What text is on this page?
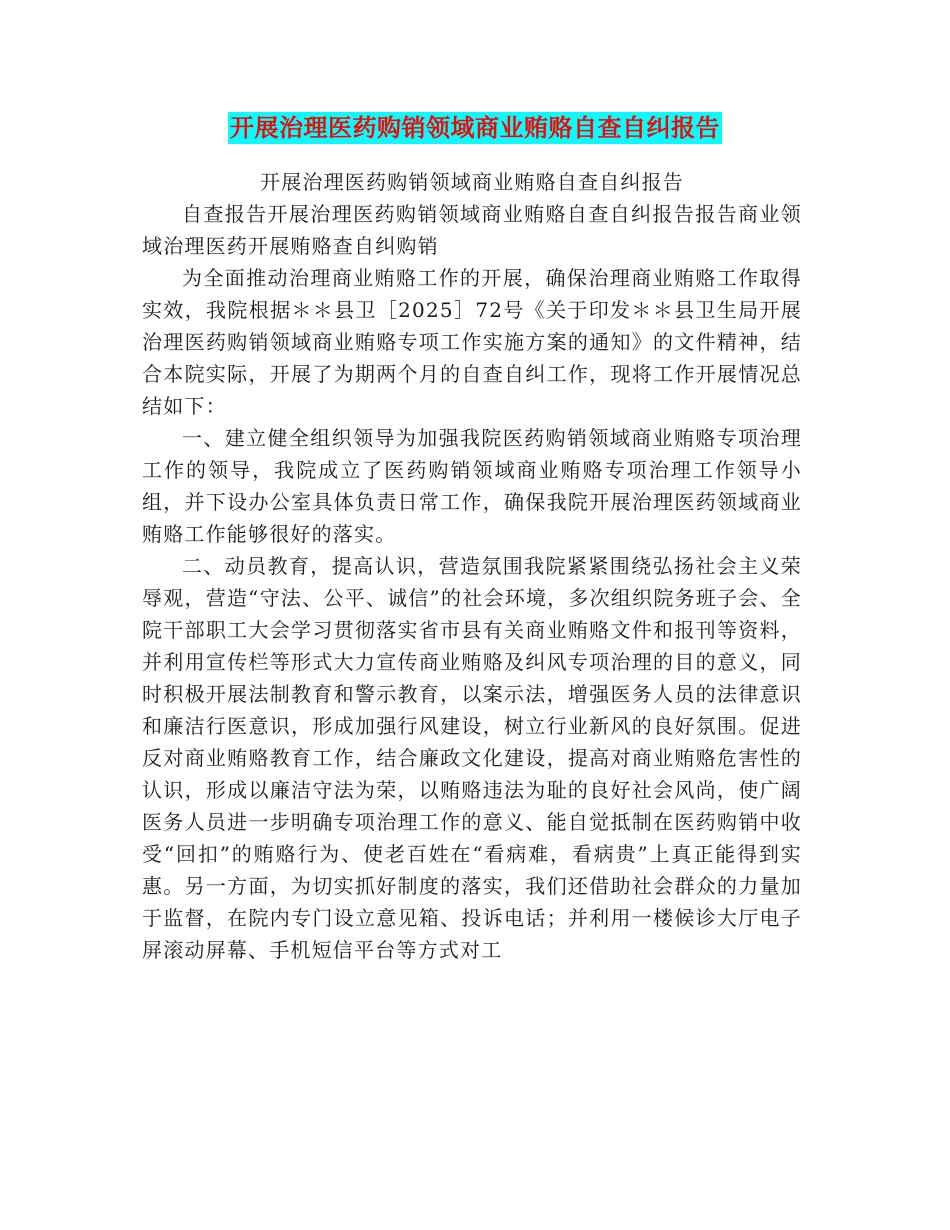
开展治理医药购销领域商业贿赂自查自纠报告

开展治理医药购销领域商业贿赂自查自纠报告

自查报告开展治理医药购销领域商业贿赂自查自纠报告报告商业领域治理医药开展贿赂查自纠购销

为全面推动治理商业贿赂工作的开展，确保治理商业贿赂工作取得实效，我院根据＊＊县卫［2025］72号《关于印发＊＊县卫生局开展治理医药购销领域商业贿赂专项工作实施方案的通知》的文件精神，结合本院实际，开展了为期两个月的自查自纠工作，现将工作开展情况总结如下：

一、建立健全组织领导为加强我院医药购销领域商业贿赂专项治理工作的领导，我院成立了医药购销领域商业贿赂专项治理工作领导小组，并下设办公室具体负责日常工作，确保我院开展治理医药领域商业贿赂工作能够很好的落实。

二、动员教育，提高认识，营造氛围我院紧紧围绕弘扬社会主义荣辱观，营造“守法、公平、诚信”的社会环境，多次组织院务班子会、全院干部职工大会学习贯彻落实省市县有关商业贿赂文件和报刊等资料，并利用宣传栏等形式大力宣传商业贿赂及纠风专项治理的目的意义，同时积极开展法制教育和警示教育，以案示法，增强医务人员的法律意识和廉洁行医意识，形成加强行风建设，树立行业新风的良好氛围。促进反对商业贿赂教育工作，结合廉政文化建设，提高对商业贿赂危害性的认识，形成以廉洁守法为荣，以贿赂违法为耻的良好社会风尚，使广阔医务人员进一步明确专项治理工作的意义、能自觉抵制在医药购销中收受“回扣”的贿赂行为、使老百姓在“看病难，看病贵”上真正能得到实惠。另一方面，为切实抓好制度的落实，我们还借助社会群众的力量加于监督，在院内专门设立意见箱、投诉电话；并利用一楼候诊大厅电子屏滚动屏幕、手机短信平台等方式对工
